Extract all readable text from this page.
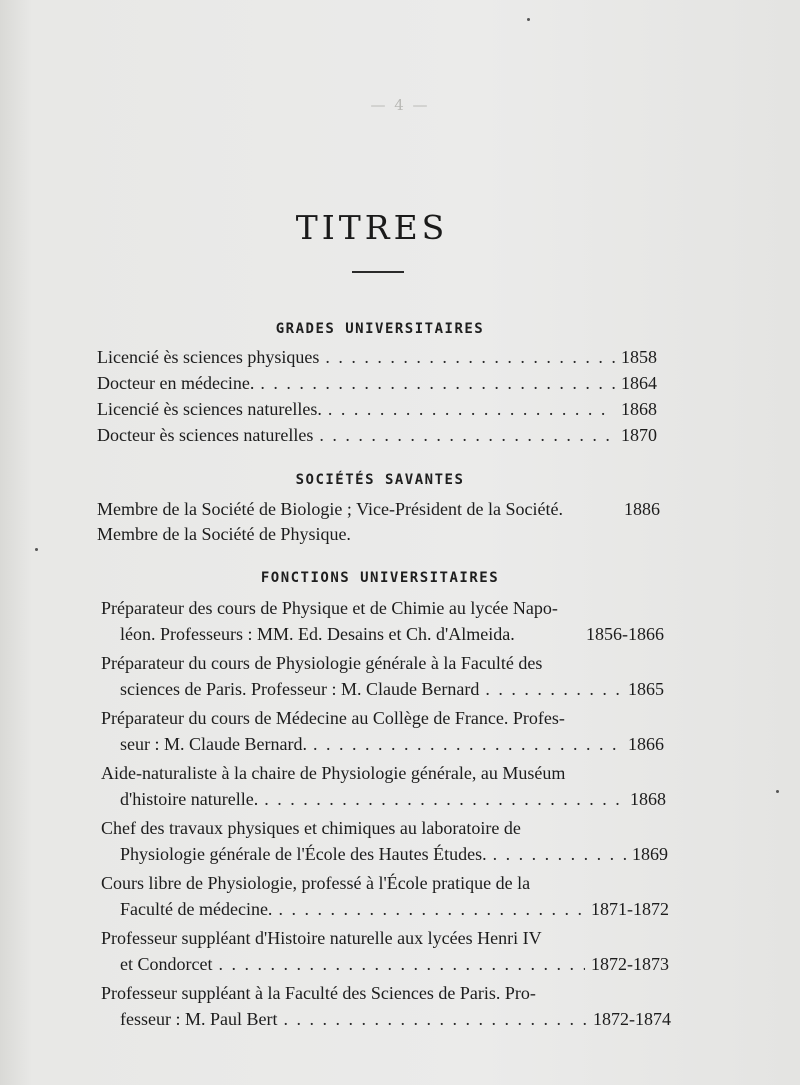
— 4 —
TITRES
GRADES UNIVERSITAIRES
Licencié ès sciences physiques . . .	1858
Docteur en médecine. . . .	1864
Licencié ès sciences naturelles. . . .	1868
Docteur ès sciences naturelles . . .	1870
SOCIÉTÉS SAVANTES
Membre de la Société de Biologie ; Vice-Président de la Société.	1886
Membre de la Société de Physique.
FONCTIONS UNIVERSITAIRES
Préparateur des cours de Physique et de Chimie au lycée Napo-
léon. Professeurs : MM. Ed. Desains et Ch. d'Almeida.	1856-1866
Préparateur du cours de Physiologie générale à la Faculté des
sciences de Paris. Professeur : M. Claude Bernard . . .	1865
Préparateur du cours de Médecine au Collège de France. Profes-
seur : M. Claude Bernard. . . .	1866
Aide-naturaliste à la chaire de Physiologie générale, au Muséum
d'histoire naturelle. . . .	1868
Chef des travaux physiques et chimiques au laboratoire de
Physiologie générale de l'École des Hautes Études. . . .	1869
Cours libre de Physiologie, professé à l'École pratique de la
Faculté de médecine. . . .	1871-1872
Professeur suppléant d'Histoire naturelle aux lycées Henri IV
et Condorcet . . .	1872-1873
Professeur suppléant à la Faculté des Sciences de Paris. Pro-
fesseur : M. Paul Bert . . .	1872-1874
